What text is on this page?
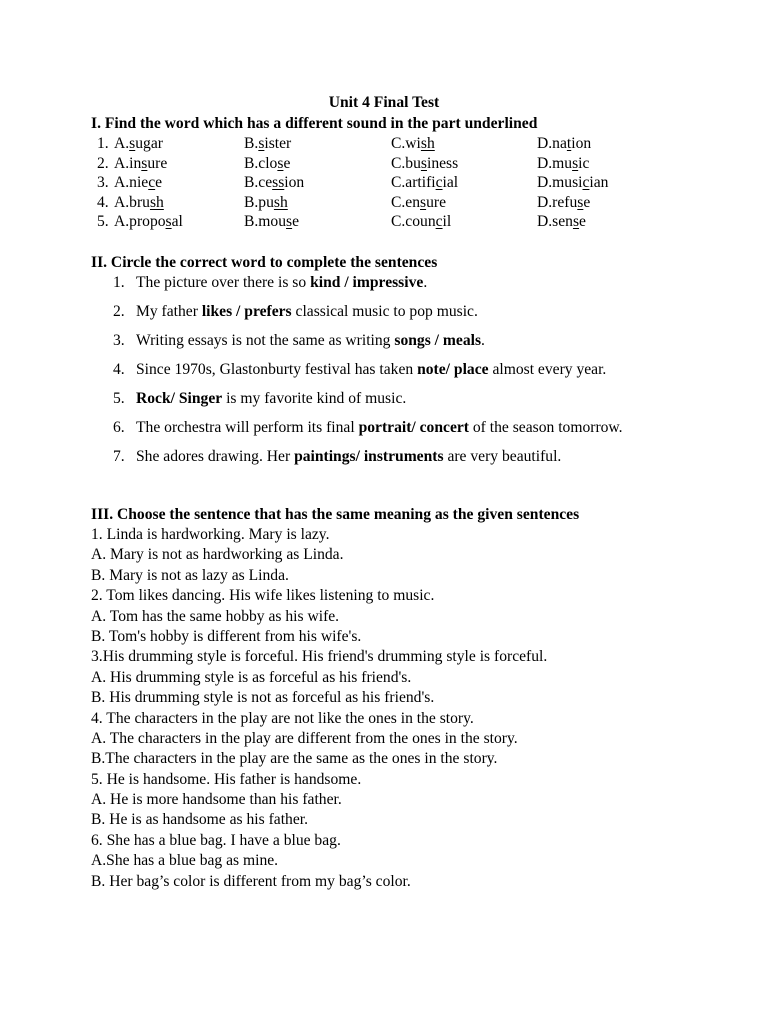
Unit 4 Final Test
I. Find the word which has a different sound in the part underlined
1. A.sugar	B.sister	C.wish	D.nation
2. A.insure	B.close	C.business	D.music
3. A.niece	B.cession	C.artificial	D.musician
4. A.brush	B.push	C.ensure	D.refuse
5. A.proposal	B.mouse	C.council	D.sense
II. Circle the correct word to complete the sentences
1. The picture over there is so kind / impressive.
2. My father likes / prefers classical music to pop music.
3. Writing essays is not the same as writing songs / meals.
4. Since 1970s, Glastonburty festival has taken note/ place almost every year.
5. Rock/ Singer is my favorite kind of music.
6. The orchestra will perform its final portrait/ concert of the season tomorrow.
7. She adores drawing. Her paintings/ instruments are very beautiful.
III. Choose the sentence that has the same meaning as the given sentences
1. Linda is hardworking. Mary is lazy.
A. Mary is not as hardworking as Linda.
B. Mary is not as lazy as Linda.
2. Tom likes dancing. His wife likes listening to music.
A. Tom has the same hobby as his wife.
B. Tom's hobby is different from his wife's.
3.His drumming style is forceful. His friend's drumming style is forceful.
A. His drumming style is as forceful as his friend's.
B. His drumming style is not as forceful as his friend's.
4. The characters in the play are not like the ones in the story.
A. The characters in the play are different from the ones in the story.
B.The characters in the play are the same as the ones in the story.
5. He is handsome. His father is handsome.
A. He is more handsome than his father.
B. He is as handsome as his father.
6. She has a blue bag. I have a blue bag.
A.She has a blue bag as mine.
B. Her bag’s color is different from my bag’s color.
